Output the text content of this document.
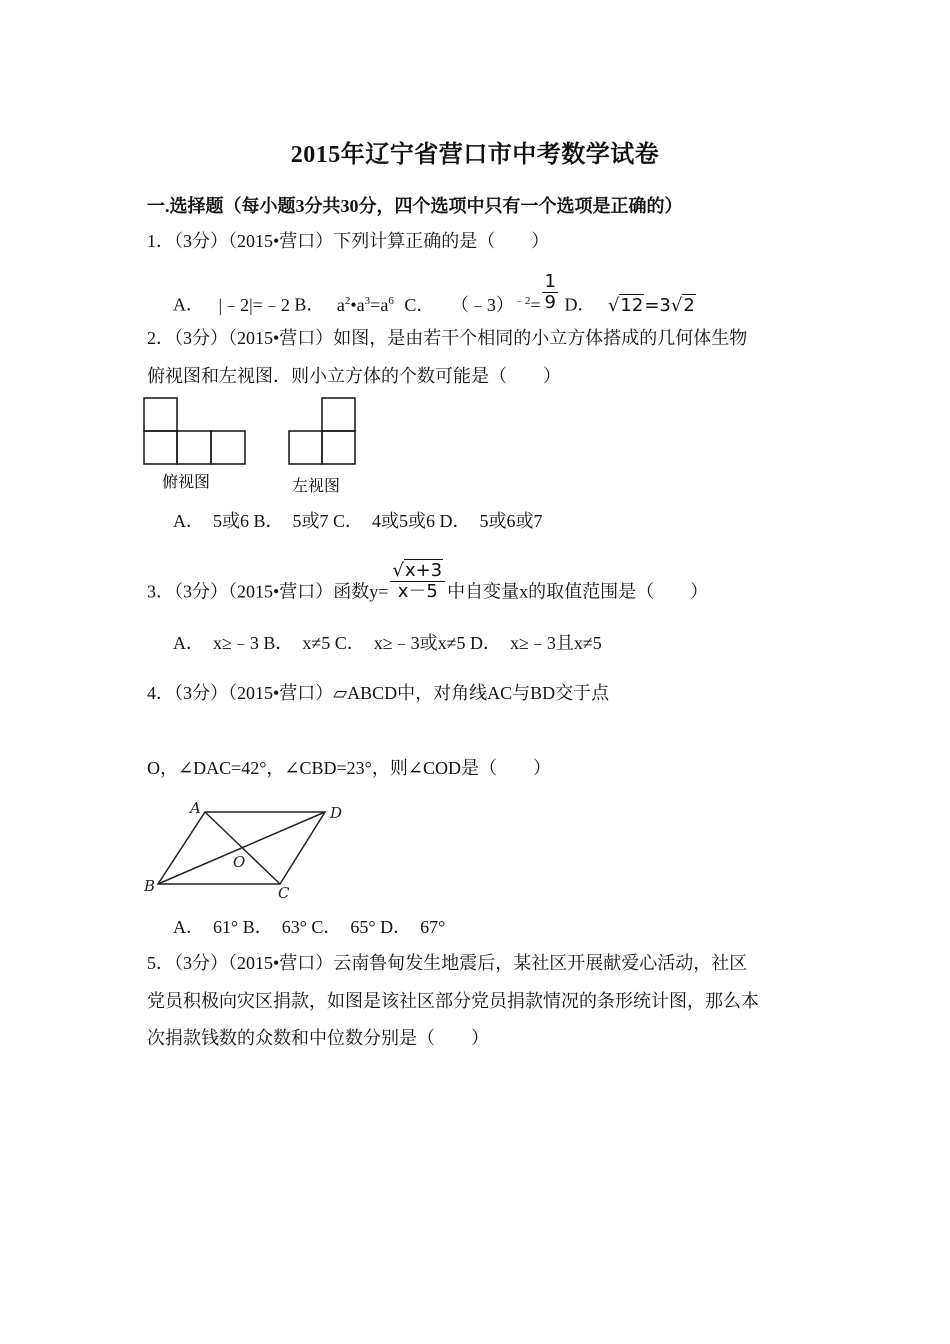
2015年辽宁省营口市中考数学试卷
一.选择题（每小题3分共30分，四个选项中只有一个选项是正确的）
1．（3分）（2015•营口）下列计算正确的是（　　）
A． |﹣2|=﹣2 B． $a^2•a^3=a^6$ C． （﹣3）$^{﹣2}$= $\frac{1}{9}$ D． √12=3√2
2．（3分）（2015•营口）如图，是由若干个相同的小立方体搭成的几何体生物
俯视图和左视图．则小立方体的个数可能是（　　）
俯视图	左视图
A．　5或6 B．　5或7 C．　4或5或6 D．　5或6或7
3．（3分）（2015•营口）函数$y= \frac{√x+3}{x-5}$ 中自变量x的取值范围是（　　）
A．　x≥﹣3 B．　x≠5 C．　x≥﹣3或x≠5 D．　x≥﹣3且x≠5
4．（3分）（2015•营口）▱ABCD中，对角线AC与BD交于点
O，∠DAC=42°，∠CBD=23°，则∠COD是（　　）
A	D
B	C
O
A．　61° B．　63° C．　65° D．　67°
5．（3分）（2015•营口）云南鲁甸发生地震后，某社区开展献爱心活动，社区
党员积极向灾区捐款，如图是该社区部分党员捐款情况的条形统计图，那么本
次捐款钱数的众数和中位数分别是（　　）
